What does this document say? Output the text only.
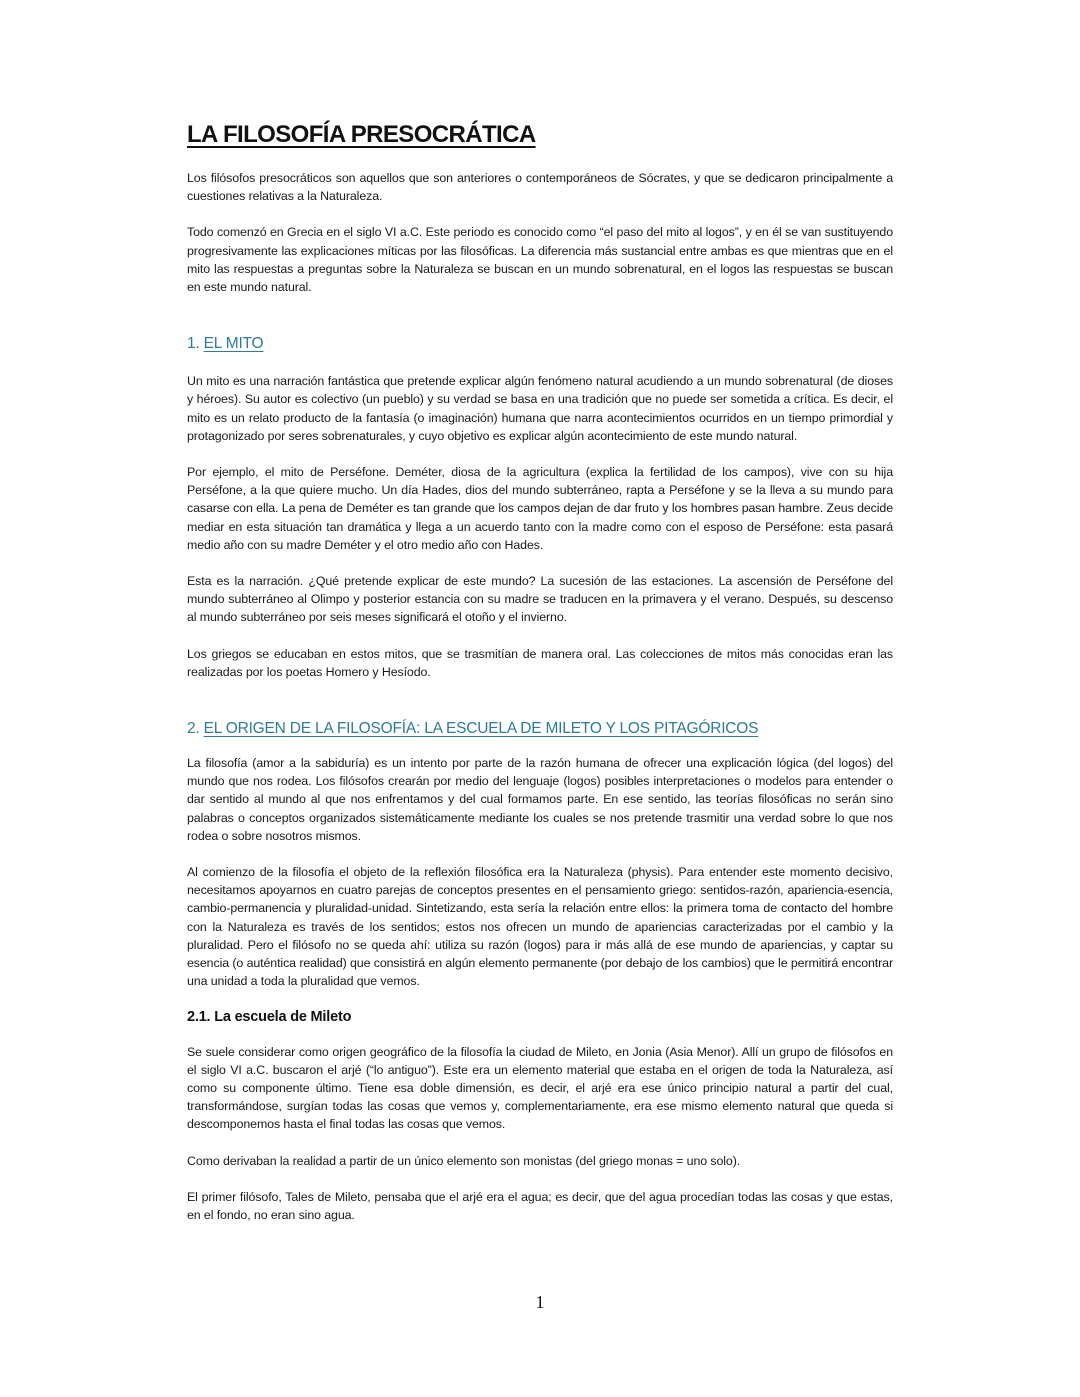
LA FILOSOFÍA PRESOCRÁTICA

Los filósofos presocráticos son aquellos que son anteriores o contemporáneos de Sócrates, y que se dedicaron principalmente a cuestiones relativas a la Naturaleza.

Todo comenzó en Grecia en el siglo VI a.C. Este periodo es conocido como “el paso del mito al logos”, y en él se van sustituyendo progresivamente las explicaciones míticas por las filosóficas. La diferencia más sustancial entre ambas es que mientras que en el mito las respuestas a preguntas sobre la Naturaleza se buscan en un mundo sobrenatural, en el logos las respuestas se buscan en este mundo natural.

1. EL MITO

Un mito es una narración fantástica que pretende explicar algún fenómeno natural acudiendo a un mundo sobrenatural (de dioses y héroes). Su autor es colectivo (un pueblo) y su verdad se basa en una tradición que no puede ser sometida a crítica. Es decir, el mito es un relato producto de la fantasía (o imaginación) humana que narra acontecimientos ocurridos en un tiempo primordial y protagonizado por seres sobrenaturales, y cuyo objetivo es explicar algún acontecimiento de este mundo natural.

Por ejemplo, el mito de Perséfone. Deméter, diosa de la agricultura (explica la fertilidad de los campos), vive con su hija Perséfone, a la que quiere mucho. Un día Hades, dios del mundo subterráneo, rapta a Perséfone y se la lleva a su mundo para casarse con ella. La pena de Deméter es tan grande que los campos dejan de dar fruto y los hombres pasan hambre. Zeus decide mediar en esta situación tan dramática y llega a un acuerdo tanto con la madre como con el esposo de Perséfone: esta pasará medio año con su madre Deméter y el otro medio año con Hades.

Esta es la narración. ¿Qué pretende explicar de este mundo? La sucesión de las estaciones. La ascensión de Perséfone del mundo subterráneo al Olimpo y posterior estancia con su madre se traducen en la primavera y el verano. Después, su descenso al mundo subterráneo por seis meses significará el otoño y el invierno.

Los griegos se educaban en estos mitos, que se trasmitían de manera oral. Las colecciones de mitos más conocidas eran las realizadas por los poetas Homero y Hesíodo.

2. EL ORIGEN DE LA FILOSOFÍA: LA ESCUELA DE MILETO Y LOS PITAGÓRICOS

La filosofía (amor a la sabiduría) es un intento por parte de la razón humana de ofrecer una explicación lógica (del logos) del mundo que nos rodea. Los filósofos crearán por medio del lenguaje (logos) posibles interpretaciones o modelos para entender o dar sentido al mundo al que nos enfrentamos y del cual formamos parte. En ese sentido, las teorías filosóficas no serán sino palabras o conceptos organizados sistemáticamente mediante los cuales se nos pretende trasmitir una verdad sobre lo que nos rodea o sobre nosotros mismos.

Al comienzo de la filosofía el objeto de la reflexión filosófica era la Naturaleza (physis). Para entender este momento decisivo, necesitamos apoyarnos en cuatro parejas de conceptos presentes en el pensamiento griego: sentidos-razón, apariencia-esencia, cambio-permanencia y pluralidad-unidad. Sintetizando, esta sería la relación entre ellos: la primera toma de contacto del hombre con la Naturaleza es través de los sentidos; estos nos ofrecen un mundo de apariencias caracterizadas por el cambio y la pluralidad. Pero el filósofo no se queda ahí: utiliza su razón (logos) para ir más allá de ese mundo de apariencias, y captar su esencia (o auténtica realidad) que consistirá en algún elemento permanente (por debajo de los cambios) que le permitirá encontrar una unidad a toda la pluralidad que vemos.

2.1. La escuela de Mileto

Se suele considerar como origen geográfico de la filosofía la ciudad de Mileto, en Jonia (Asia Menor). Allí un grupo de filósofos en el siglo VI a.C. buscaron el arjé (“lo antiguo”). Este era un elemento material que estaba en el origen de toda la Naturaleza, así como su componente último. Tiene esa doble dimensión, es decir, el arjé era ese único principio natural a partir del cual, transformándose, surgían todas las cosas que vemos y, complementariamente, era ese mismo elemento natural que queda si descomponemos hasta el final todas las cosas que vemos.

Como derivaban la realidad a partir de un único elemento son monistas (del griego monas = uno solo).

El primer filósofo, Tales de Mileto, pensaba que el arjé era el agua; es decir, que del agua procedían todas las cosas y que estas, en el fondo, no eran sino agua.

1
